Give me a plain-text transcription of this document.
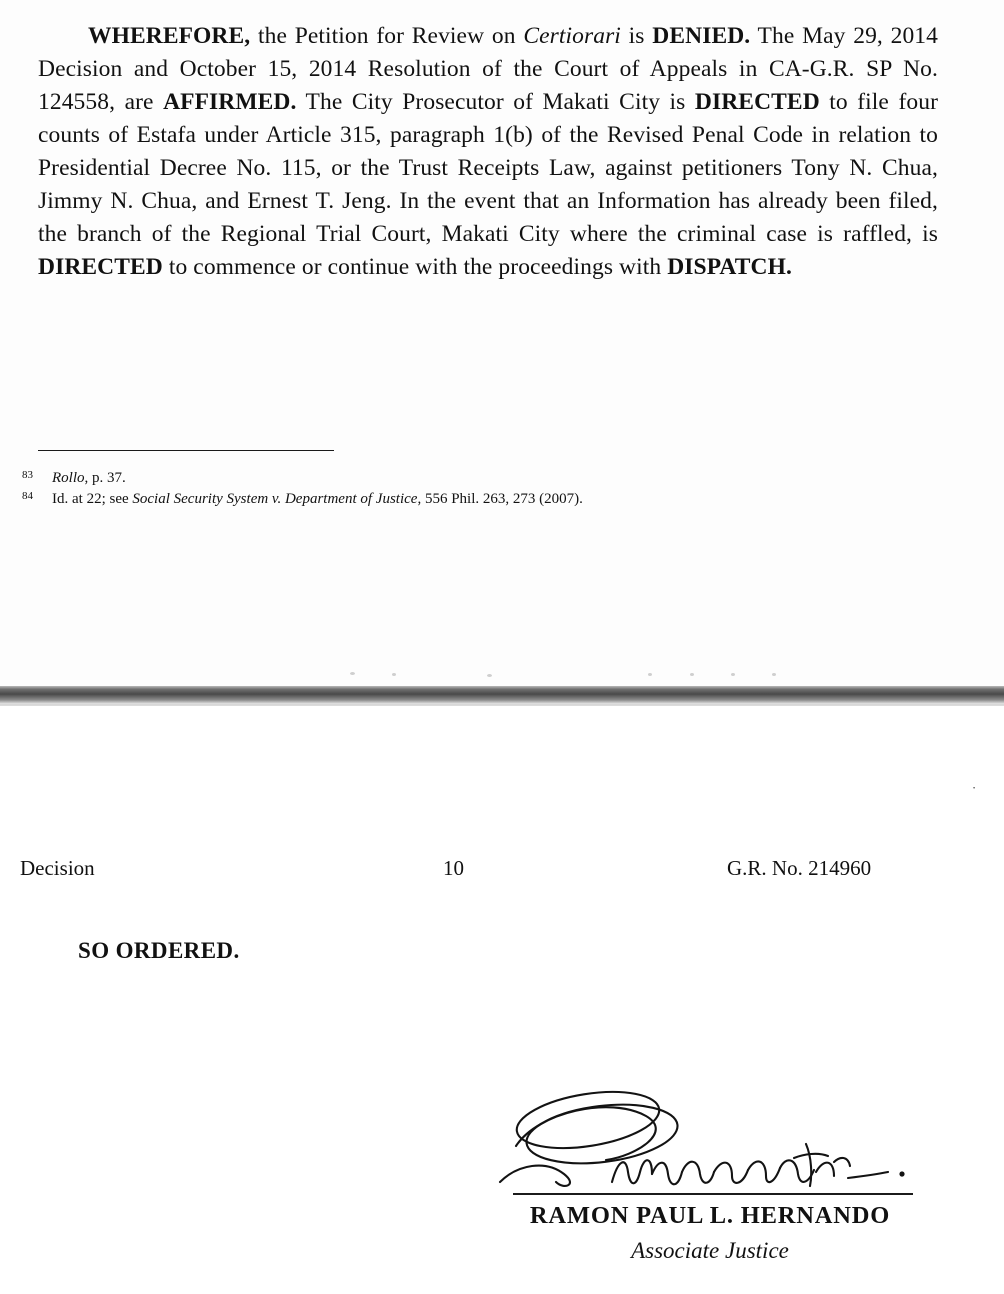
WHEREFORE, the Petition for Review on Certiorari is DENIED. The May 29, 2014 Decision and October 15, 2014 Resolution of the Court of Appeals in CA-G.R. SP No. 124558, are AFFIRMED. The City Prosecutor of Makati City is DIRECTED to file four counts of Estafa under Article 315, paragraph 1(b) of the Revised Penal Code in relation to Presidential Decree No. 115, or the Trust Receipts Law, against petitioners Tony N. Chua, Jimmy N. Chua, and Ernest T. Jeng. In the event that an Information has already been filed, the branch of the Regional Trial Court, Makati City where the criminal case is raffled, is DIRECTED to commence or continue with the proceedings with DISPATCH.
83 Rollo, p. 37.
84 Id. at 22; see Social Security System v. Department of Justice, 556 Phil. 263, 273 (2007).
Decision	10	G.R. No. 214960
SO ORDERED.
RAMON PAUL L. HERNANDO
Associate Justice
·
